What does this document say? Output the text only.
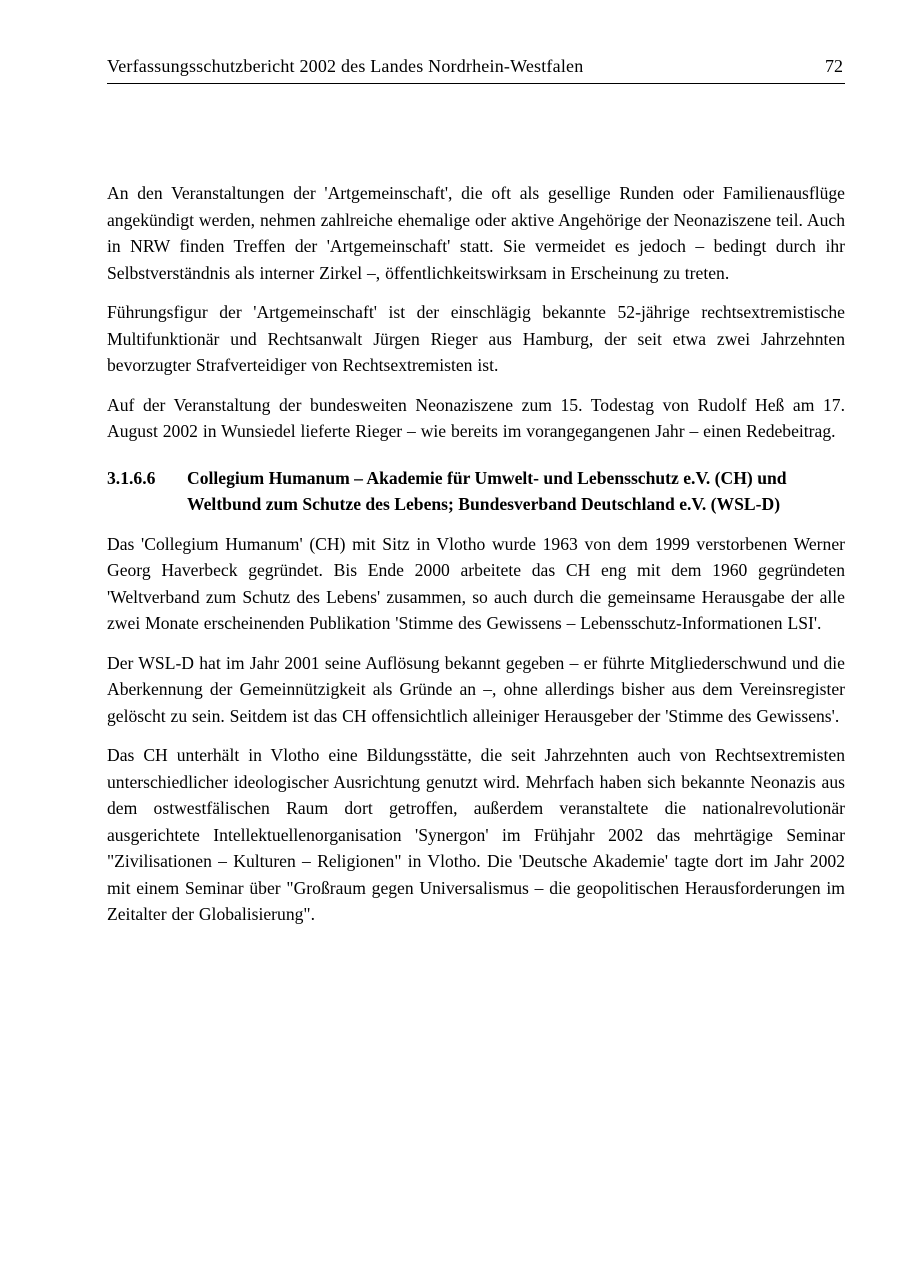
Verfassungsschutzbericht 2002 des Landes Nordrhein-Westfalen	72

An den Veranstaltungen der 'Artgemeinschaft', die oft als gesellige Runden oder Familienausflüge angekündigt werden, nehmen zahlreiche ehemalige oder aktive Angehörige der Neonaziszene teil. Auch in NRW finden Treffen der 'Artgemeinschaft' statt. Sie vermeidet es jedoch – bedingt durch ihr Selbstverständnis als interner Zirkel –, öffentlichkeitswirksam in Erscheinung zu treten.

Führungsfigur der 'Artgemeinschaft' ist der einschlägig bekannte 52-jährige rechtsextremistische Multifunktionär und Rechtsanwalt Jürgen Rieger aus Hamburg, der seit etwa zwei Jahrzehnten bevorzugter Strafverteidiger von Rechtsextremisten ist.

Auf der Veranstaltung der bundesweiten Neonaziszene zum 15. Todestag von Rudolf Heß am 17. August 2002 in Wunsiedel lieferte Rieger – wie bereits im vorangegangenen Jahr – einen Redebeitrag.

3.1.6.6	Collegium Humanum – Akademie für Umwelt- und Lebensschutz e.V. (CH) und Weltbund zum Schutze des Lebens; Bundesverband Deutschland e.V. (WSL-D)

Das 'Collegium Humanum' (CH) mit Sitz in Vlotho wurde 1963 von dem 1999 verstorbenen Werner Georg Haverbeck gegründet. Bis Ende 2000 arbeitete das CH eng mit dem 1960 gegründeten 'Weltverband zum Schutz des Lebens' zusammen, so auch durch die gemeinsame Herausgabe der alle zwei Monate erscheinenden Publikation 'Stimme des Gewissens – Lebensschutz-Informationen LSI'.

Der WSL-D hat im Jahr 2001 seine Auflösung bekannt gegeben – er führte Mitgliederschwund und die Aberkennung der Gemeinnützigkeit als Gründe an –, ohne allerdings bisher aus dem Vereinsregister gelöscht zu sein. Seitdem ist das CH offensichtlich alleiniger Herausgeber der 'Stimme des Gewissens'.

Das CH unterhält in Vlotho eine Bildungsstätte, die seit Jahrzehnten auch von Rechtsextremisten unterschiedlicher ideologischer Ausrichtung genutzt wird. Mehrfach haben sich bekannte Neonazis aus dem ostwestfälischen Raum dort getroffen, außerdem veranstaltete die nationalrevolutionär ausgerichtete Intellektuellenorganisation 'Synergon' im Frühjahr 2002 das mehrtägige Seminar "Zivilisationen – Kulturen – Religionen" in Vlotho. Die 'Deutsche Akademie' tagte dort im Jahr 2002 mit einem Seminar über "Großraum gegen Universalismus – die geopolitischen Herausforderungen im Zeitalter der Globalisierung".
